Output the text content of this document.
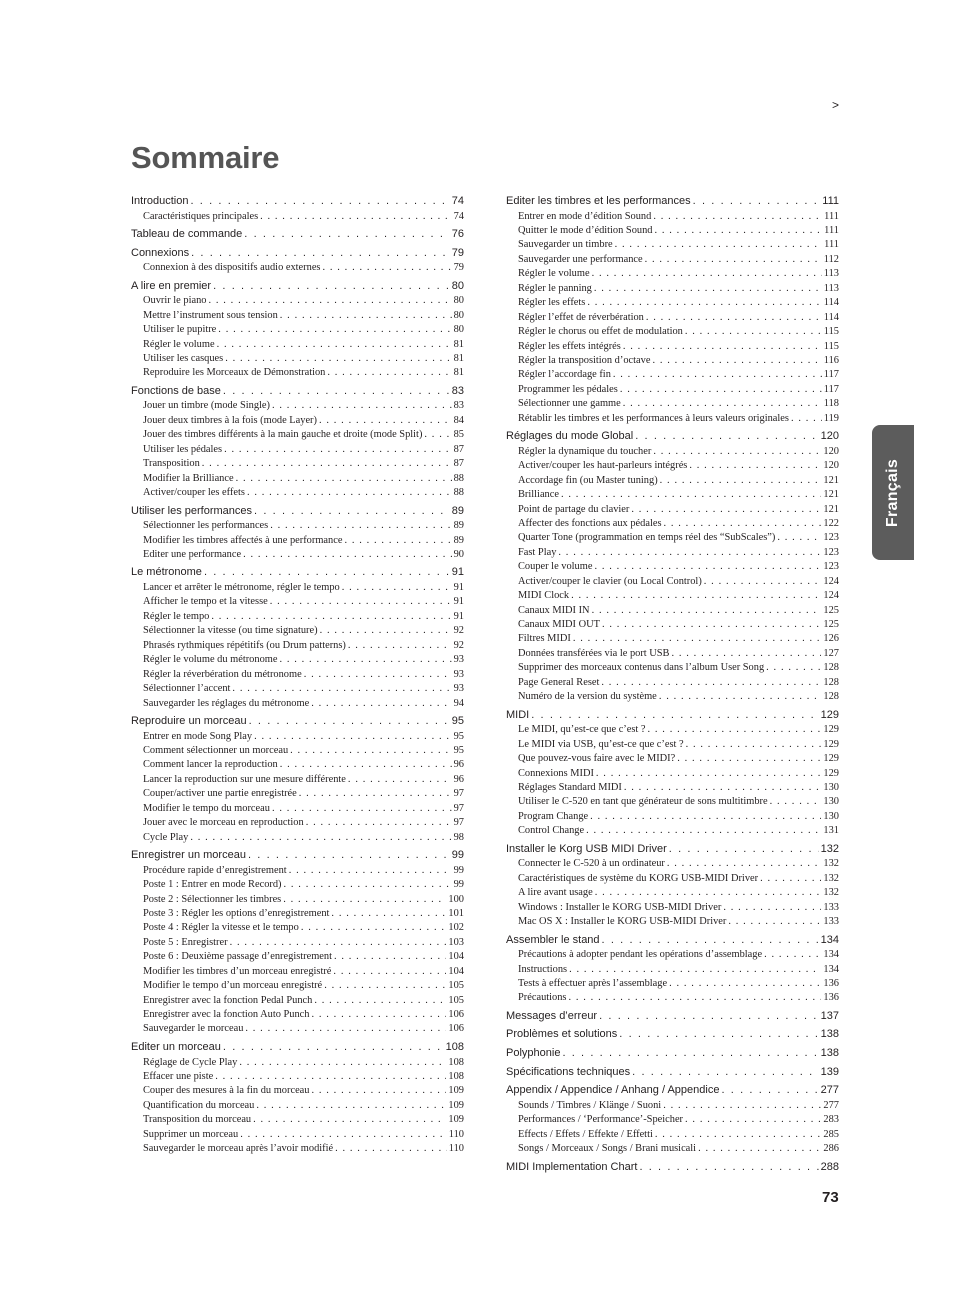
>
Sommaire
Français
Introduction . . .	74
Caractéristiques principales . . .	74
Tableau de commande . . .	76
Connexions . . .	79
Connexion à des dispositifs audio externes . . .	79
A lire en premier . . .	80
Ouvrir le piano . . .	80
Mettre l’instrument sous tension . . .	80
Utiliser le pupitre . . .	80
Régler le volume . . .	81
Utiliser les casques . . .	81
Reproduire les Morceaux de Démonstration . . .	81
Fonctions de base . . .	83
Jouer un timbre (mode Single) . . .	83
Jouer deux timbres à la fois (mode Layer) . . .	84
Jouer des timbres différents à la main gauche et droite (mode Split) . . .	85
Utiliser les pédales . . .	87
Transposition . . .	87
Modifier la Brilliance . . .	88
Activer/couper les effets . . .	88
Utiliser les performances . . .	89
Sélectionner les performances . . .	89
Modifier les timbres affectés à une performance . . .	89
Editer une performance . . .	90
Le métronome . . .	91
Lancer et arrêter le métronome, régler le tempo . . .	91
Afficher le tempo et la vitesse . . .	91
Régler le tempo . . .	91
Sélectionner la vitesse (ou time signature) . . .	92
Phrasés rythmiques répétitifs (ou Drum patterns) . . .	92
Régler le volume du métronome . . .	93
Régler la réverbération du métronome . . .	93
Sélectionner l’accent . . .	93
Sauvegarder les réglages du métronome . . .	94
Reproduire un morceau . . .	95
Entrer en mode Song Play . . .	95
Comment sélectionner un morceau . . .	95
Comment lancer la reproduction . . .	96
Lancer la reproduction sur une mesure différente . . .	96
Couper/activer une partie enregistrée . . .	97
Modifier le tempo du morceau . . .	97
Jouer avec le morceau en reproduction . . .	97
Cycle Play . . .	98
Enregistrer un morceau . . .	99
Procédure rapide d’enregistrement . . .	99
Poste 1 : Entrer en mode Record) . . .	99
Poste 2 : Sélectionner les timbres . . .	100
Poste 3 : Régler les options d’enregistrement . . .	101
Poste 4 : Régler la vitesse et le tempo . . .	102
Poste 5 : Enregistrer . . .	103
Poste 6 : Deuxième passage d’enregistrement . . .	104
Modifier les timbres d’un morceau enregistré . . .	104
Modifier le tempo d’un morceau enregistré . . .	105
Enregistrer avec la fonction Pedal Punch . . .	105
Enregistrer avec la fonction Auto Punch . . .	106
Sauvegarder le morceau . . .	106
Editer un morceau . . .	108
Réglage de Cycle Play . . .	108
Effacer une piste . . .	108
Couper des mesures à la fin du morceau . . .	109
Quantification du morceau . . .	109
Transposition du morceau . . .	109
Supprimer un morceau . . .	110
Sauvegarder le morceau après l’avoir modifié . . .	110
Editer les timbres et les performances . . .	111
Entrer en mode d’édition Sound . . .	111
Quitter le mode d’édition Sound . . .	111
Sauvegarder un timbre . . .	111
Sauvegarder une performance . . .	112
Régler le volume . . .	113
Régler le panning . . .	113
Régler les effets . . .	114
Régler l’effet de réverbération . . .	114
Régler le chorus ou effet de modulation . . .	115
Régler les effets intégrés . . .	115
Régler la transposition d’octave . . .	116
Régler l’accordage fin . . .	117
Programmer les pédales . . .	117
Sélectionner une gamme . . .	118
Rétablir les timbres et les performances à leurs valeurs originales . . .	119
Réglages du mode Global . . .	120
Régler la dynamique du toucher . . .	120
Activer/couper les haut-parleurs intégrés . . .	120
Accordage fin (ou Master tuning) . . .	121
Brilliance . . .	121
Point de partage du clavier . . .	121
Affecter des fonctions aux pédales . . .	122
Quarter Tone (programmation en temps réel des “SubScales”) . . .	123
Fast Play . . .	123
Couper le volume . . .	123
Activer/couper le clavier (ou Local Control) . . .	124
MIDI Clock . . .	124
Canaux MIDI IN . . .	125
Canaux MIDI OUT . . .	125
Filtres MIDI . . .	126
Données transférées via le port USB . . .	127
Supprimer des morceaux contenus dans l’album User Song . . .	128
Page General Reset . . .	128
Numéro de la version du système . . .	128
MIDI . . .	129
Le MIDI, qu’est-ce que c’est ? . . .	129
Le MIDI via USB, qu’est-ce que c’est ? . . .	129
Que pouvez-vous faire avec le MIDI? . . .	129
Connexions MIDI . . .	129
Réglages Standard MIDI . . .	130
Utiliser le C-520 en tant que générateur de sons multitimbre . . .	130
Program Change . . .	130
Control Change . . .	131
Installer le Korg USB MIDI Driver . . .	132
Connecter le C-520 à un ordinateur . . .	132
Caractéristiques de système du KORG USB-MIDI Driver . . .	132
A lire avant usage . . .	132
Windows : Installer le KORG USB-MIDI Driver . . .	133
Mac OS X : Installer le KORG USB-MIDI Driver . . .	133
Assembler le stand . . .	134
Précautions à adopter pendant les opérations d’assemblage . . .	134
Instructions . . .	134
Tests à effectuer après l’assemblage . . .	136
Précautions . . .	136
Messages d’erreur . . .	137
Problèmes et solutions . . .	138
Polyphonie . . .	138
Spécifications techniques . . .	139
Appendix / Appendice / Anhang / Appendice . . .	277
Sounds / Timbres / Klänge / Suoni . . .	277
Performances / ‘Performance’-Speicher . . .	283
Effects / Effets / Effekte / Effetti . . .	285
Songs / Morceaux / Songs / Brani musicali . . .	286
MIDI Implementation Chart . . .	288
73
